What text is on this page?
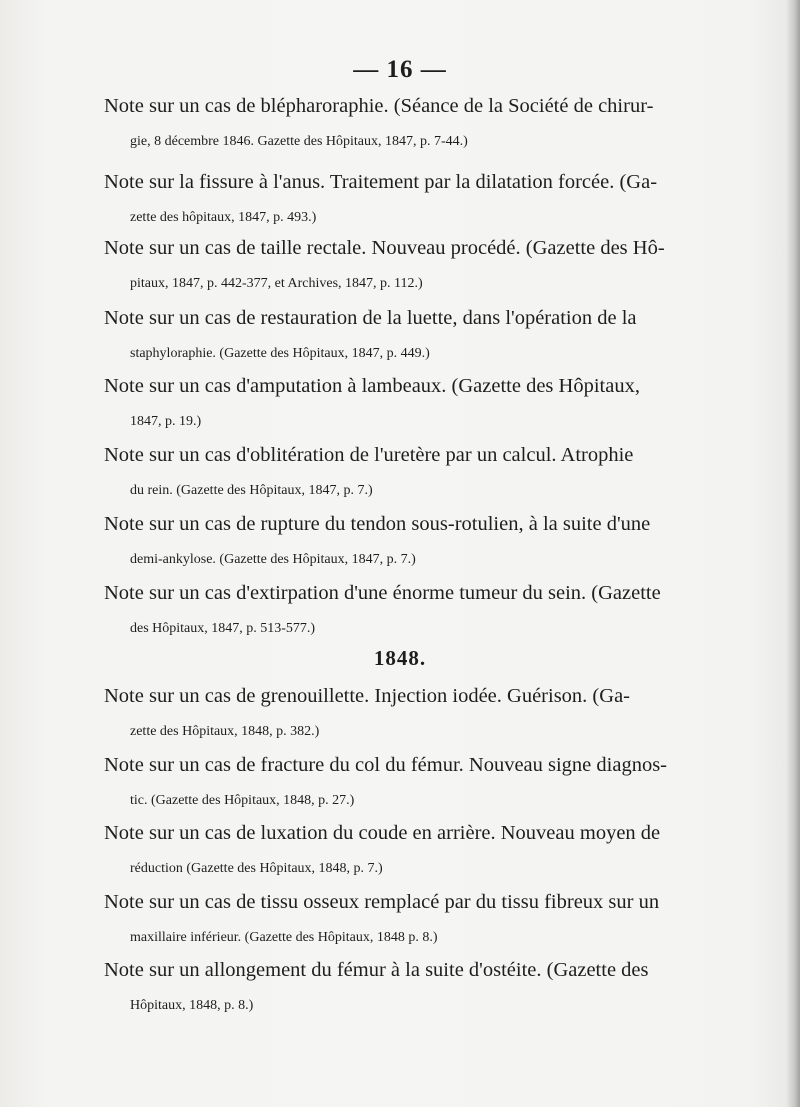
— 16 —

Note sur un cas de blépharoraphie. (Séance de la Société de chirur-
gie, 8 décembre 1846. Gazette des Hôpitaux, 1847, p. 7-44.)

Note sur la fissure à l'anus. Traitement par la dilatation forcée. (Ga-
zette des hôpitaux, 1847, p. 493.)

Note sur un cas de taille rectale. Nouveau procédé. (Gazette des Hô-
pitaux, 1847, p. 442-377, et Archives, 1847, p. 112.)

Note sur un cas de restauration de la luette, dans l'opération de la
staphyloraphie. (Gazette des Hôpitaux, 1847, p. 449.)

Note sur un cas d'amputation à lambeaux. (Gazette des Hôpitaux,
1847, p. 19.)

Note sur un cas d'oblitération de l'uretère par un calcul. Atrophie
du rein. (Gazette des Hôpitaux, 1847, p. 7.)

Note sur un cas de rupture du tendon sous-rotulien, à la suite d'une
demi-ankylose. (Gazette des Hôpitaux, 1847, p. 7.)

Note sur un cas d'extirpation d'une énorme tumeur du sein. (Gazette
des Hôpitaux, 1847, p. 513-577.)

1848.

Note sur un cas de grenouillette. Injection iodée. Guérison. (Ga-
zette des Hôpitaux, 1848, p. 382.)

Note sur un cas de fracture du col du fémur. Nouveau signe diagnos-
tic. (Gazette des Hôpitaux, 1848, p. 27.)

Note sur un cas de luxation du coude en arrière. Nouveau moyen de
réduction (Gazette des Hôpitaux, 1848, p. 7.)

Note sur un cas de tissu osseux remplacé par du tissu fibreux sur un
maxillaire inférieur. (Gazette des Hôpitaux, 1848 p. 8.)

Note sur un allongement du fémur à la suite d'ostéite. (Gazette des
Hôpitaux, 1848, p. 8.)
